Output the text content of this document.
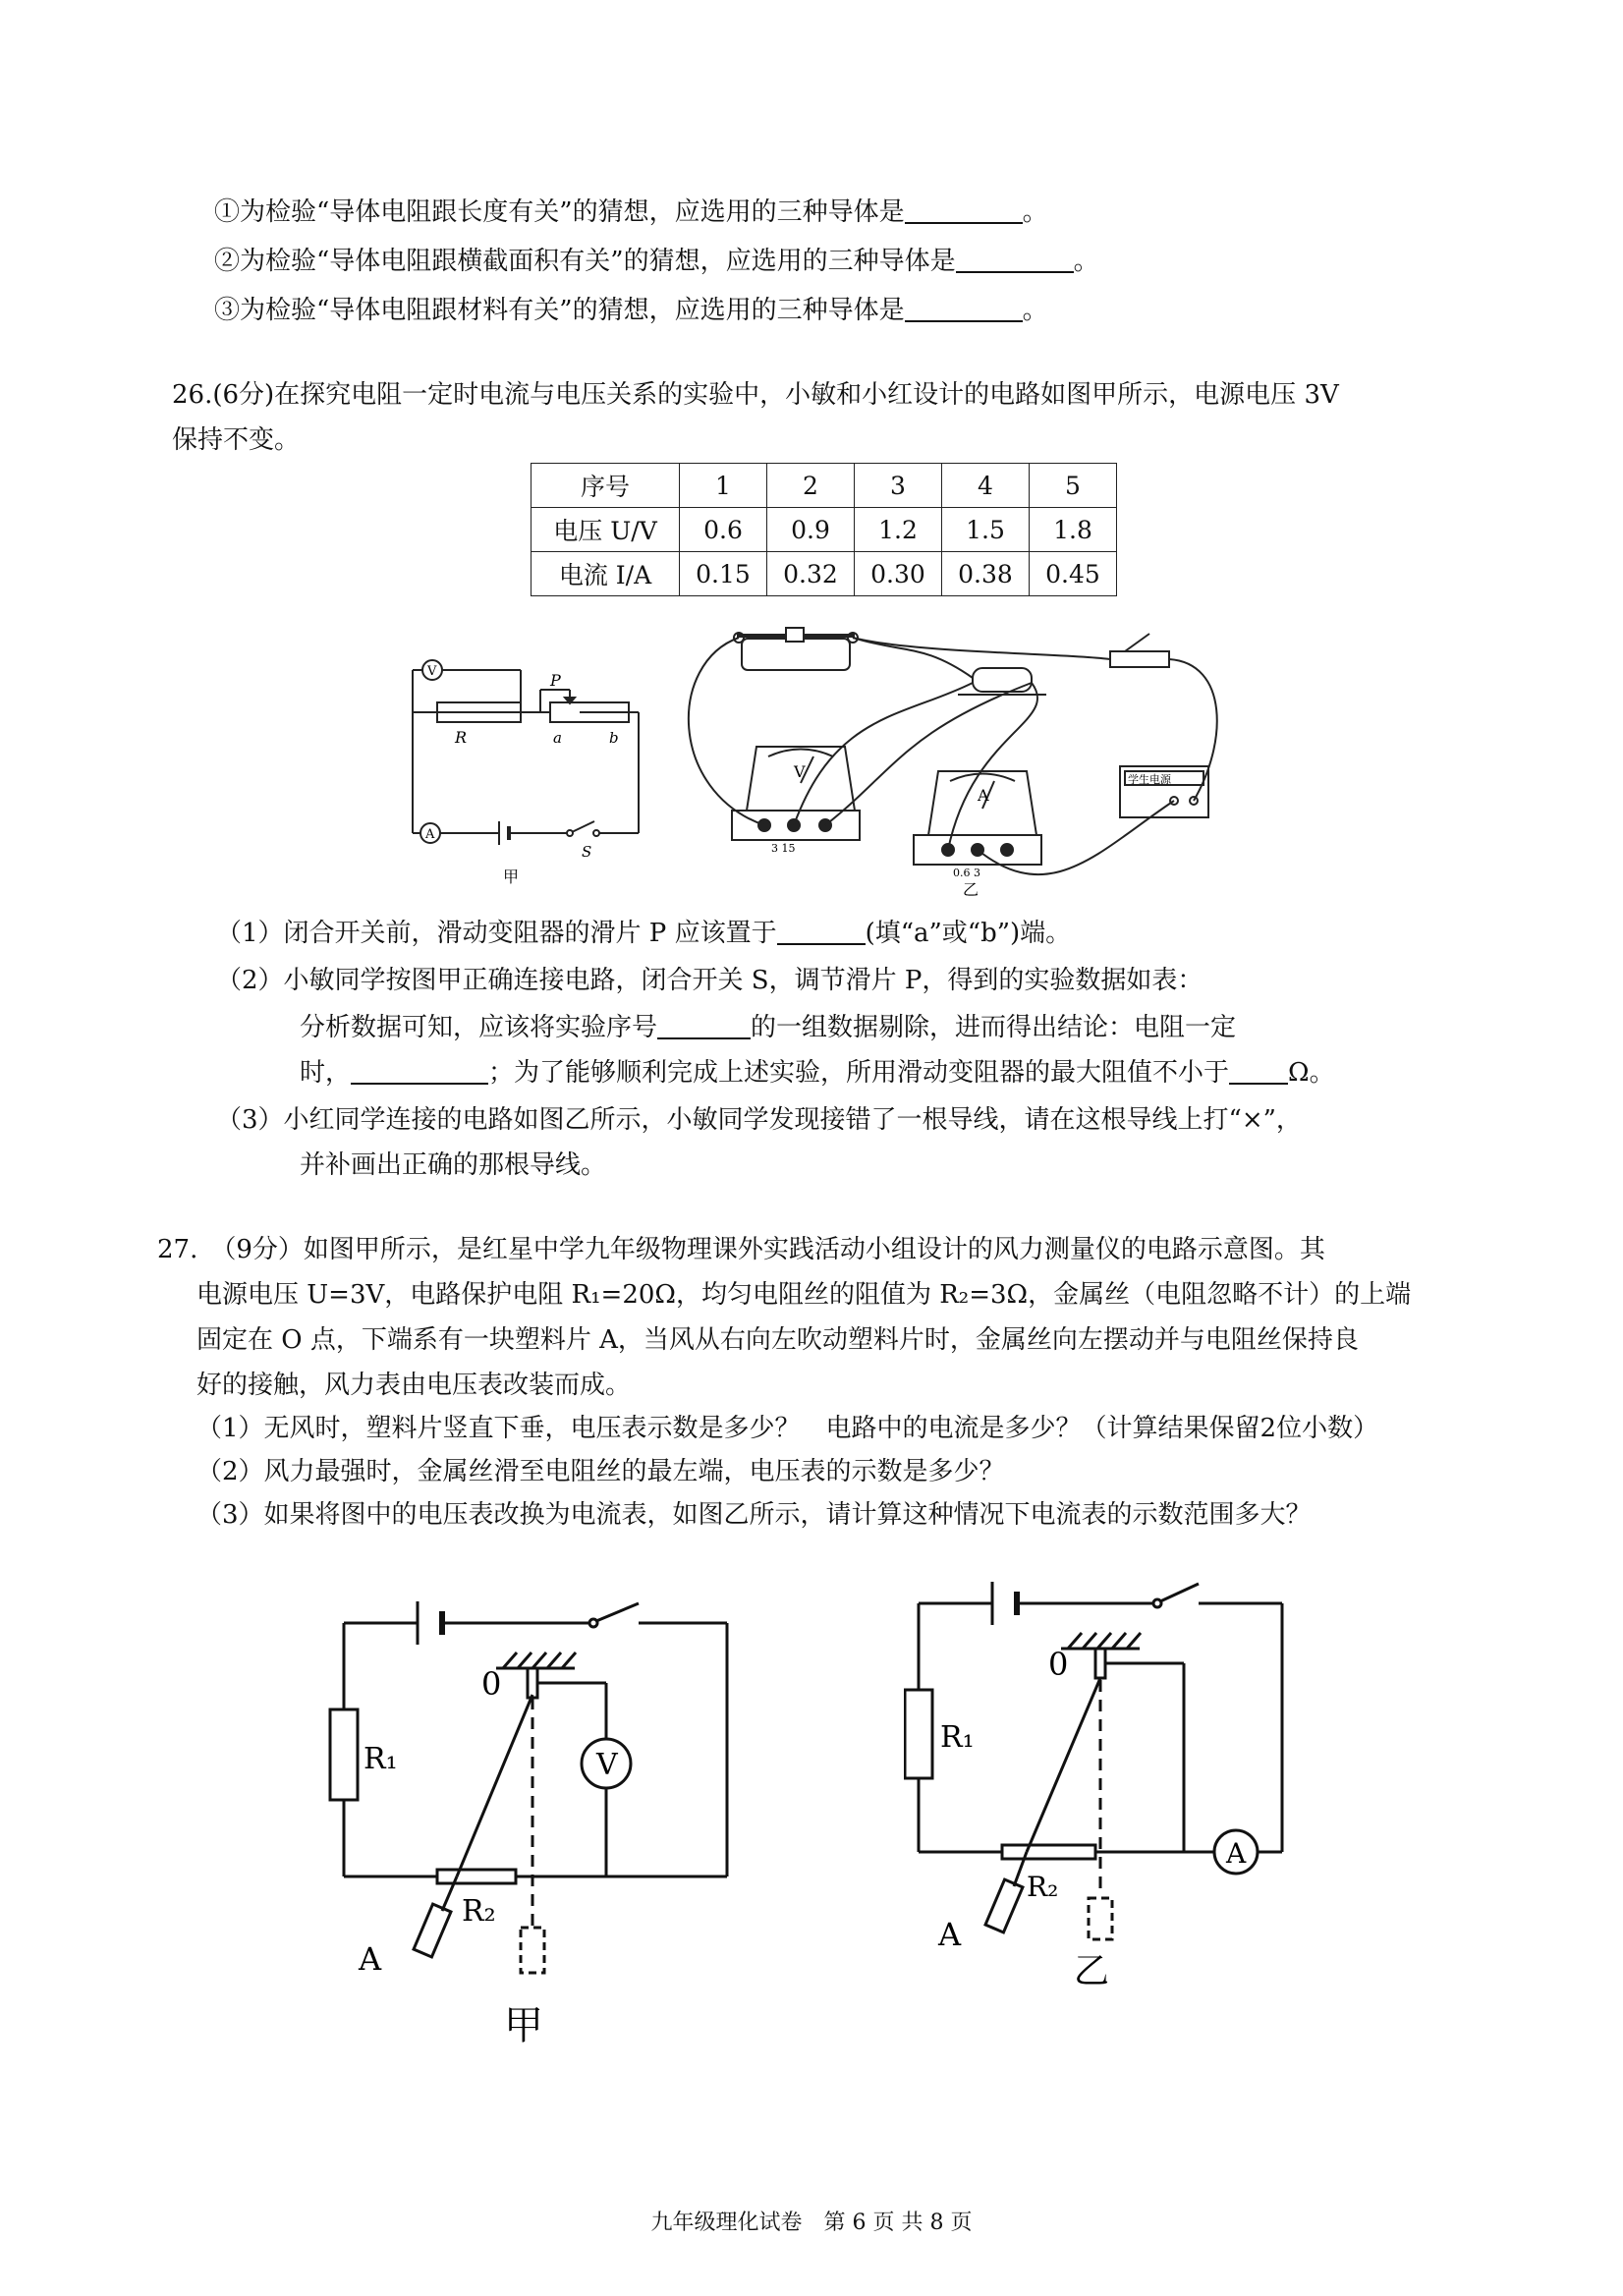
①为检验“导体电阻跟长度有关”的猜想，应选用的三种导体是	。
②为检验“导体电阻跟横截面积有关”的猜想，应选用的三种导体是	。
③为检验“导体电阻跟材料有关”的猜想，应选用的三种导体是	。
26.(6分)在探究电阻一定时电流与电压关系的实验中，小敏和小红设计的电路如图甲所示，电源电压 3V
保持不变。
序号	1	2	3	4	5
电压 U/V	0.6	0.9	1.2	1.5	1.8
电流 I/A	0.15	0.32	0.30	0.38	0.45
V
A
R
P
a	b
S
甲
V
A
学生电源
3 15
0.6 3
乙
（1）闭合开关前，滑动变阻器的滑片 P 应该置于	(填“a”或“b”)端。
（2）小敏同学按图甲正确连接电路，闭合开关 S，调节滑片 P，得到的实验数据如表：
分析数据可知，应该将实验序号	的一组数据剔除，进而得出结论：电阻一定
时，	；为了能够顺利完成上述实验，所用滑动变阻器的最大阻值不小于 Ω。
（3）小红同学连接的电路如图乙所示，小敏同学发现接错了一根导线，请在这根导线上打“×”，
并补画出正确的那根导线。
27.　（9分）如图甲所示，是红星中学九年级物理课外实践活动小组设计的风力测量仪的电路示意图。其
电源电压 U=3V，电路保护电阻 R₁=20Ω，均匀电阻丝的阻值为 R₂=3Ω，金属丝（电阻忽略不计）的上端
固定在 O 点，下端系有一块塑料片 A，当风从右向左吹动塑料片时，金属丝向左摆动并与电阻丝保持良
好的接触，风力表由电压表改装而成。
（1）无风时，塑料片竖直下垂，电压表示数是多少？　电路中的电流是多少？（计算结果保留2位小数）
（2）风力最强时，金属丝滑至电阻丝的最左端，电压表的示数是多少？
（3）如果将图中的电压表改换为电流表，如图乙所示，请计算这种情况下电流表的示数范围多大？
V
R₁
R₂
0
A
甲
A
R₁
R₂
0
A
乙
九年级理化试卷　第 6 页 共 8 页
